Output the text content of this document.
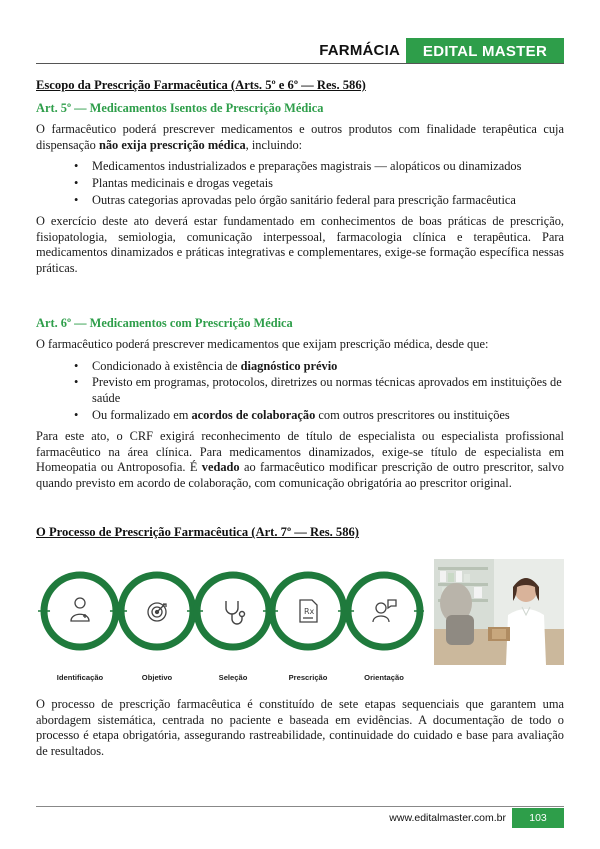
FARMÁCIA	EDITAL MASTER
Escopo da Prescrição Farmacêutica (Arts. 5º e 6º — Res. 586)
Art. 5º — Medicamentos Isentos de Prescrição Médica

O farmacêutico poderá prescrever medicamentos e outros produtos com finalidade terapêutica cuja dispensação não exija prescrição médica, incluindo:

• Medicamentos industrializados e preparações magistrais — alopáticos ou dinamizados
• Plantas medicinais e drogas vegetais
• Outras categorias aprovadas pelo órgão sanitário federal para prescrição farmacêutica

O exercício deste ato deverá estar fundamentado em conhecimentos de boas práticas de prescrição, fisiopatologia, semiologia, comunicação interpessoal, farmacologia clínica e terapêutica. Para medicamentos dinamizados e práticas integrativas e complementares, exige-se formação específica nessas práticas.

Art. 6º — Medicamentos com Prescrição Médica

O farmacêutico poderá prescrever medicamentos que exijam prescrição médica, desde que:

• Condicionado à existência de diagnóstico prévio
• Previsto em programas, protocolos, diretrizes ou normas técnicas aprovados em instituições de saúde
• Ou formalizado em acordos de colaboração com outros prescritores ou instituições

Para este ato, o CRF exigirá reconhecimento de título de especialista ou especialista profissional farmacêutico na área clínica. Para medicamentos dinamizados, exige-se título de especialista em Homeopatia ou Antroposofia. É vedado ao farmacêutico modificar prescrição de outro prescritor, salvo quando previsto em acordo de colaboração, com comunicação obrigatória ao prescritor original.

O Processo de Prescrição Farmacêutica (Art. 7º — Res. 586)
Identificação	Objetivo	Seleção
Rx
Prescrição	Orientação

O processo de prescrição farmacêutica é constituído de sete etapas sequenciais que garantem uma abordagem sistemática, centrada no paciente e baseada em evidências. A documentação de todo o processo é etapa obrigatória, assegurando rastreabilidade, continuidade do cuidado e base para avaliação de resultados.

www.editalmaster.com.br	103
